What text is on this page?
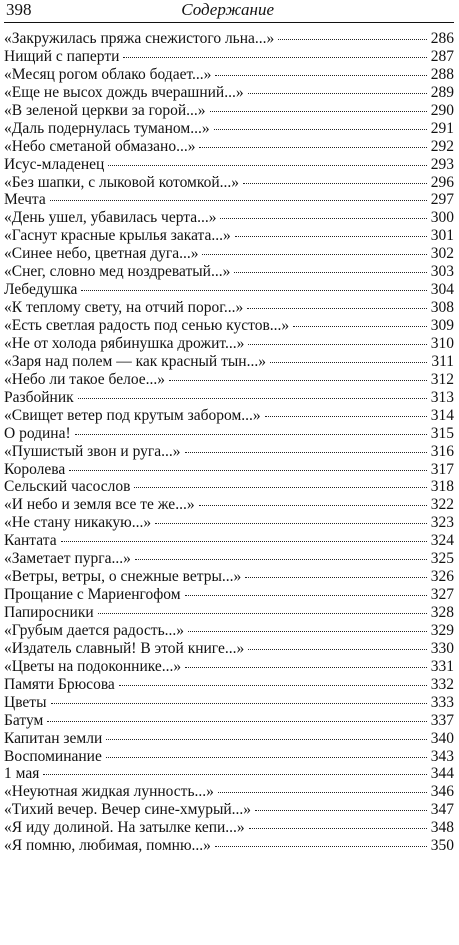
398	Содержание
«Закружилась пряжа снежистого льна...»	286
Нищий с паперти	287
«Месяц рогом облако бодает...»	288
«Еще не высох дождь вчерашний...»	289
«В зеленой церкви за горой...»	290
«Даль подернулась туманом...»	291
«Небо сметаной обмазано...»	292
Исус-младенец	293
«Без шапки, с лыковой котомкой...»	296
Мечта	297
«День ушел, убавилась черта...»	300
«Гаснут красные крылья заката...»	301
«Синее небо, цветная дуга...»	302
«Снег, словно мед ноздреватый...»	303
Лебедушка	304
«К теплому свету, на отчий порог...»	308
«Есть светлая радость под сенью кустов...»	309
«Не от холода рябинушка дрожит...»	310
«Заря над полем — как красный тын...»	311
«Небо ли такое белое...»	312
Разбойник	313
«Свищет ветер под крутым забором...»	314
О родина!	315
«Пушистый звон и руга...»	316
Королева	317
Сельский часослов	318
«И небо и земля все те же...»	322
«Не стану никакую...»	323
Кантата	324
«Заметает пурга...»	325
«Ветры, ветры, о снежные ветры...»	326
Прощание с Мариенгофом	327
Папиросники	328
«Грубым дается радость...»	329
«Издатель славный! В этой книге...»	330
«Цветы на подоконнике...»	331
Памяти Брюсова	332
Цветы	333
Батум	337
Капитан земли	340
Воспоминание	343
1 мая	344
«Неуютная жидкая лунность...»	346
«Тихий вечер. Вечер сине-хмурый...»	347
«Я иду долиной. На затылке кепи...»	348
«Я помню, любимая, помню...»	350
